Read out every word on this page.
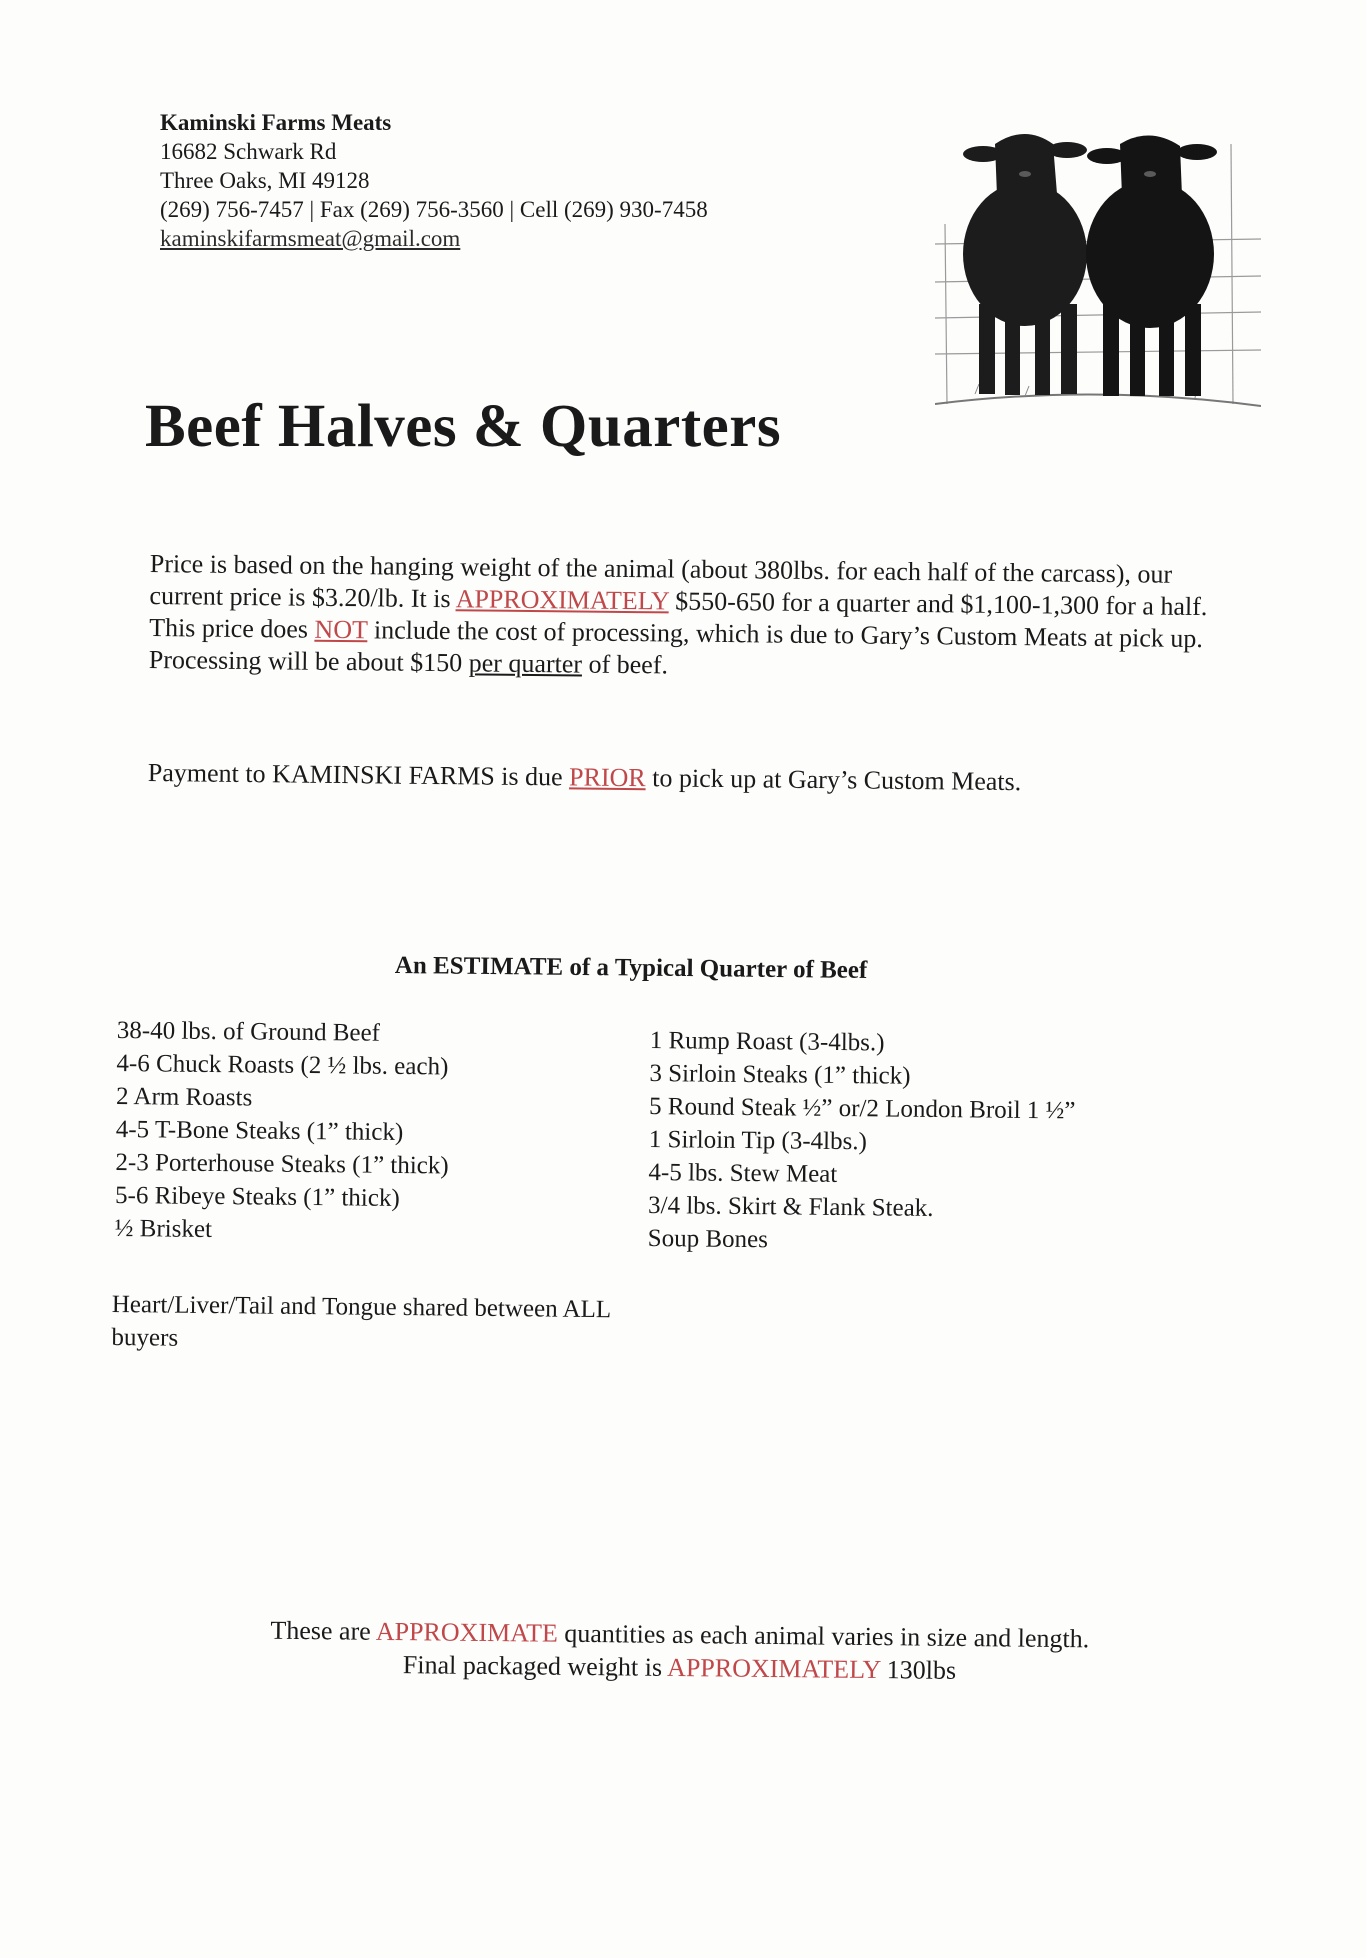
Kaminski Farms Meats
16682 Schwark Rd
Three Oaks, MI 49128
(269) 756-7457 | Fax (269) 756-3560 | Cell (269) 930-7458
kaminskifarmsmeat@gmail.com
Beef Halves & Quarters

Price is based on the hanging weight of the animal (about 380lbs. for each half of the carcass), our current price is $3.20/lb. It is APPROXIMATELY $550-650 for a quarter and $1,100-1,300 for a half. This price does NOT include the cost of processing, which is due to Gary’s Custom Meats at pick up. Processing will be about $150 per quarter of beef.

Payment to KAMINSKI FARMS is due PRIOR to pick up at Gary’s Custom Meats.

An ESTIMATE of a Typical Quarter of Beef
38-40 lbs. of Ground Beef
4-6 Chuck Roasts (2 ½ lbs. each)
2 Arm Roasts
4-5 T-Bone Steaks (1” thick)
2-3 Porterhouse Steaks (1” thick)
5-6 Ribeye Steaks (1” thick)
½ Brisket
1 Rump Roast (3-4lbs.)
3 Sirloin Steaks (1” thick)
5 Round Steak ½” or/2 London Broil 1 ½”
1 Sirloin Tip (3-4lbs.)
4-5 lbs. Stew Meat
3/4 lbs. Skirt & Flank Steak.
Soup Bones

Heart/Liver/Tail and Tongue shared between ALL buyers

These are APPROXIMATE quantities as each animal varies in size and length.
Final packaged weight is APPROXIMATELY 130lbs
